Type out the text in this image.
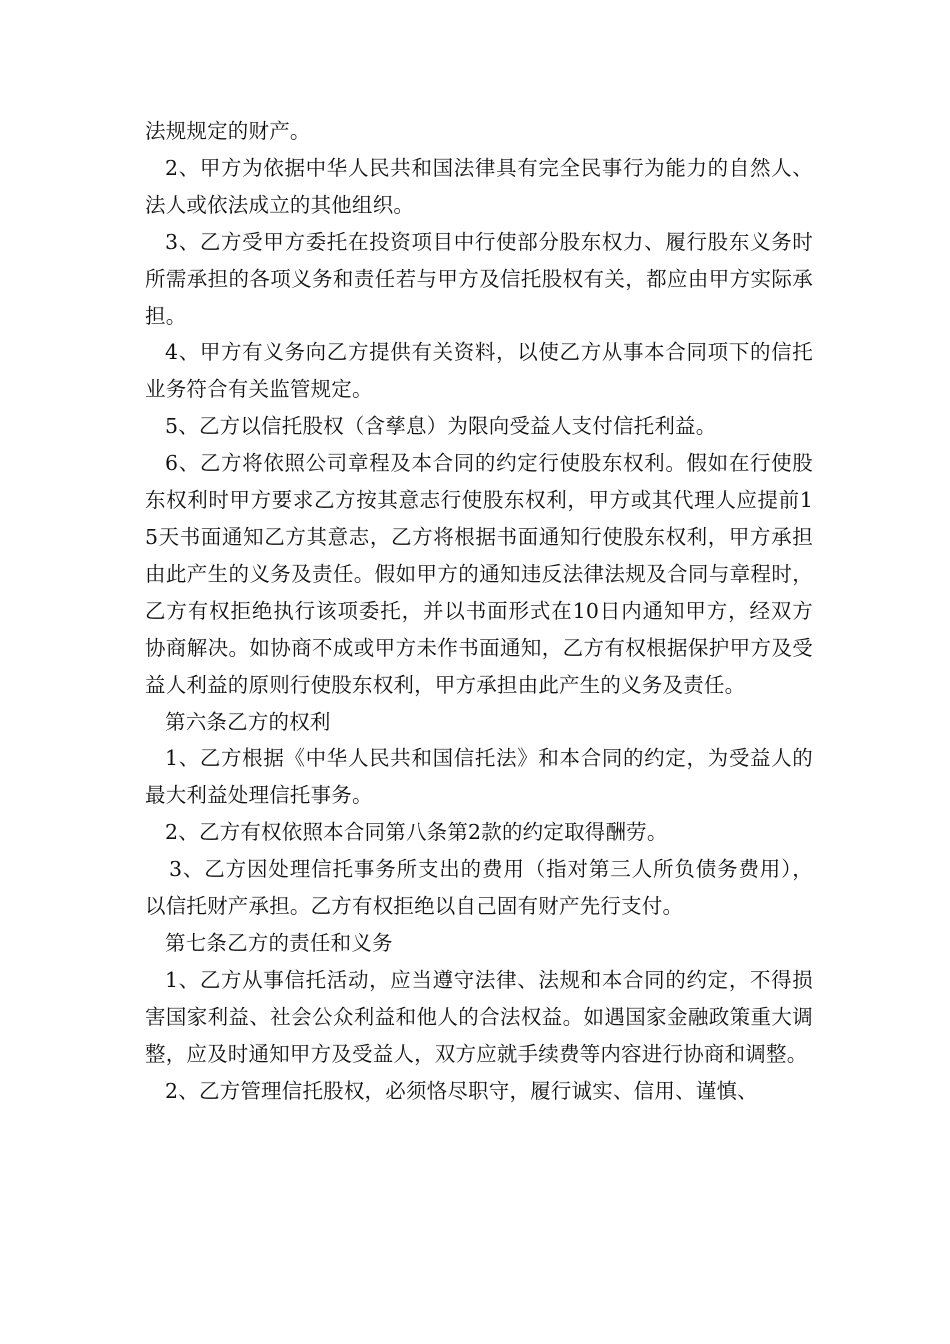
法规规定的财产。

2、甲方为依据中华人民共和国法律具有完全民事行为能力的自然人、法人或依法成立的其他组织。

3、乙方受甲方委托在投资项目中行使部分股东权力、履行股东义务时所需承担的各项义务和责任若与甲方及信托股权有关，都应由甲方实际承担。

4、甲方有义务向乙方提供有关资料，以使乙方从事本合同项下的信托业务符合有关监管规定。

5、乙方以信托股权（含孳息）为限向受益人支付信托利益。

6、乙方将依照公司章程及本合同的约定行使股东权利。假如在行使股东权利时甲方要求乙方按其意志行使股东权利，甲方或其代理人应提前15天书面通知乙方其意志，乙方将根据书面通知行使股东权利，甲方承担由此产生的义务及责任。假如甲方的通知违反法律法规及合同与章程时，乙方有权拒绝执行该项委托，并以书面形式在10日内通知甲方，经双方协商解决。如协商不成或甲方未作书面通知，乙方有权根据保护甲方及受益人利益的原则行使股东权利，甲方承担由此产生的义务及责任。

第六条乙方的权利

1、乙方根据《中华人民共和国信托法》和本合同的约定，为受益人的最大利益处理信托事务。

2、乙方有权依照本合同第八条第2款的约定取得酬劳。

3、乙方因处理信托事务所支出的费用（指对第三人所负债务费用），以信托财产承担。乙方有权拒绝以自己固有财产先行支付。

第七条乙方的责任和义务

1、乙方从事信托活动，应当遵守法律、法规和本合同的约定，不得损害国家利益、社会公众利益和他人的合法权益。如遇国家金融政策重大调整，应及时通知甲方及受益人，双方应就手续费等内容进行协商和调整。

2、乙方管理信托股权，必须恪尽职守，履行诚实、信用、谨慎、
